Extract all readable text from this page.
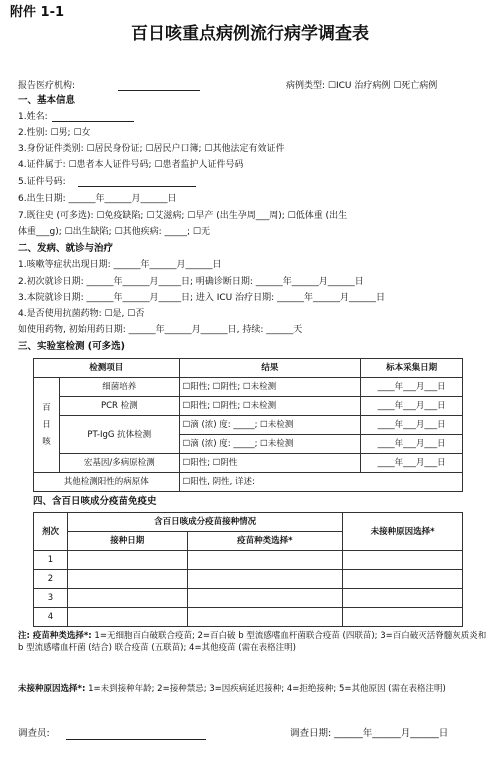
附件 1-1
百日咳重点病例流行病学调查表
报告医疗机构:	病例类型: ☐ICU 治疗病例 ☐死亡病例
一、基本信息
1.姓名:
2.性别: ☐男; ☐女
3.身份证件类别: ☐居民身份证; ☐居民户口簿; ☐其他法定有效证件
4.证件属于: ☐患者本人证件号码; ☐患者监护人证件号码
5.证件号码:
6.出生日期: ______年______月______日
7.既往史 (可多选): ☐免疫缺陷; ☐艾滋病; ☐早产 (出生孕周___周); ☐低体重 (出生
体重___g); ☐出生缺陷; ☐其他疾病: _____; ☐无
二、发病、就诊与治疗
1.咳嗽等症状出现日期: ______年______月______日
2.初次就诊日期: ______年______月_____日; 明确诊断日期: ______年______月______日
3.本院就诊日期: ______年______月_____日; 进入 ICU 治疗日期: ______年______月______日
4.是否使用抗菌药物: ☐是, ☐否
如使用药物, 初始用药日期: ______年______月______日, 持续: ______天
三、实验室检测 (可多选)
检测项目		结果	标本采集日期
百日咳	细菌培养	☐阳性; ☐阴性; ☐未检测	____年___月___日
	PCR 检测	☐阳性; ☐阴性; ☐未检测	____年___月___日
	PT-IgG 抗体检测	☐滴 (浓) 度: _____; ☐未检测	____年___月___日
		☐滴 (浓) 度: _____; ☐未检测	____年___月___日
	宏基因/多病原检测	☐阳性; ☐阴性	____年___月___日
其他检测阳性的病原体		☐阳性, 阴性, 详述:	
四、含百日咳成分疫苗免疫史
剂次	含百日咳成分疫苗接种情况		未接种原因选择*
	接种日期	疫苗种类选择*	
1			
2			
3			
4			
注: 疫苗种类选择*: 1=无细胞百白破联合疫苗; 2=百白破 b 型流感嗜血杆菌联合疫苗 (四联苗); 3=百白破灭活脊髓灰质炎和 b 型流感嗜血杆菌 (结合) 联合疫苗 (五联苗); 4=其他疫苗 (需在表格注明)
未接种原因选择*: 1=未到接种年龄; 2=接种禁忌; 3=因疾病延迟接种; 4=拒绝接种; 5=其他原因 (需在表格注明)
调查员:	调查日期: ______年______月______日
